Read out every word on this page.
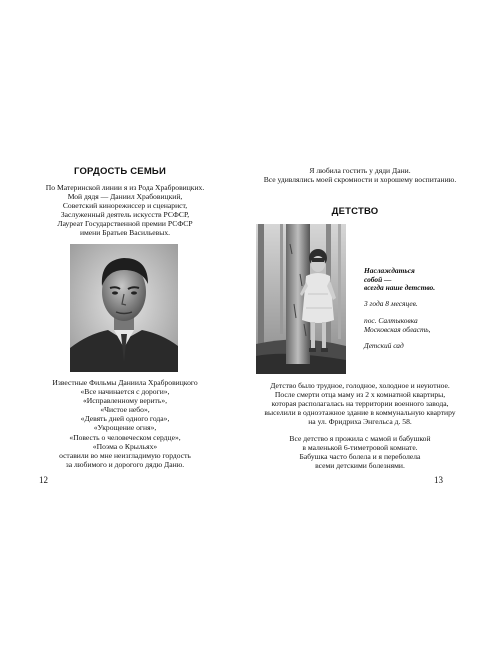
ГОРДОСТЬ СЕМЬИ
По Материнской линии я из Рода Храбровицких.
Мой дядя — Даниил Храбовицкий,
Советский кинорежиссер и сценарист,
Заслуженный деятель искусств РСФСР,
Лауреат Государственной премии РСФСР
имени Братьев Васильевых.
Известные Фильмы Даниила Храбровицкого
«Все начинается с дороги»,
«Исправленному верить»,
«Чистое небо»,
«Девять дней одного года»,
«Укрощение огня»,
«Повесть о человеческом сердце»,
«Поэма о Крыльях»
оставили во мне неизгладимую гордость
за любимого и дорогого дядю Даню.
12
Я любила гостить у дяди Дани.
Все удивлялись моей скромности и хорошему воспитанию.
ДЕТСТВО
Наслаждаться
собой —
всегда наше детство.
3 года 8 месяцев.
пос. Салтыковка
Московская область,
Детский сад
Детство было трудное, голодное, холодное и неуютное.
После смерти отца маму из 2 х комнатной квартиры,
которая располагалась на территории военного завода,
выселили в одноэтажное здание в коммунальную квартиру
на ул. Фридриха Энгельса д. 58.
Все детство я прожила с мамой и бабушкой
в маленькой 6-тиметровой комнате.
Бабушка часто болела и я переболела
всеми детскими болезнями.
13
